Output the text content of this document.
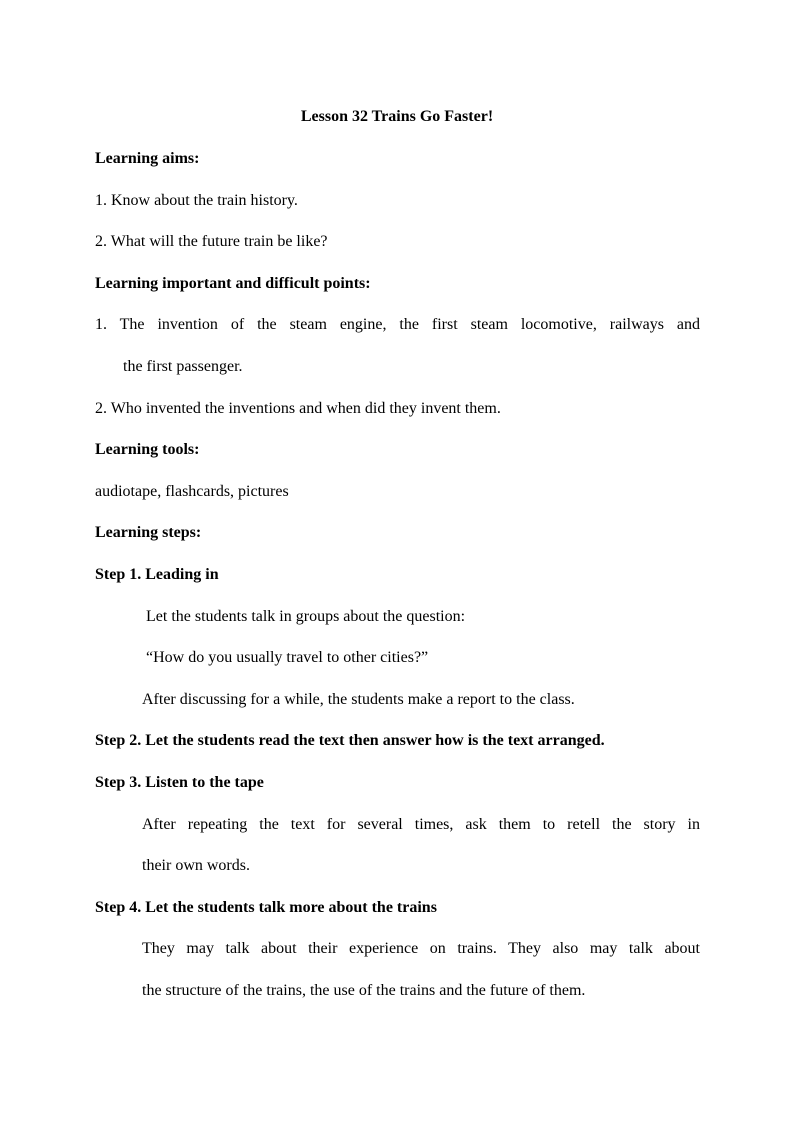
Lesson 32 Trains Go Faster!
Learning aims:
1. Know about the train history.
2. What will the future train be like?
Learning important and difficult points:
1. The invention of the steam engine, the first steam locomotive, railways and
the first passenger.
2. Who invented the inventions and when did they invent them.
Learning tools:
audiotape, flashcards, pictures
Learning steps:
Step 1. Leading in
Let the students talk in groups about the question:
“How do you usually travel to other cities?”
After discussing for a while, the students make a report to the class.
Step 2. Let the students read the text then answer how is the text arranged.
Step 3. Listen to the tape
After repeating the text for several times, ask them to retell the story in
their own words.
Step 4. Let the students talk more about the trains
They may talk about their experience on trains. They also may talk about
the structure of the trains, the use of the trains and the future of them.
